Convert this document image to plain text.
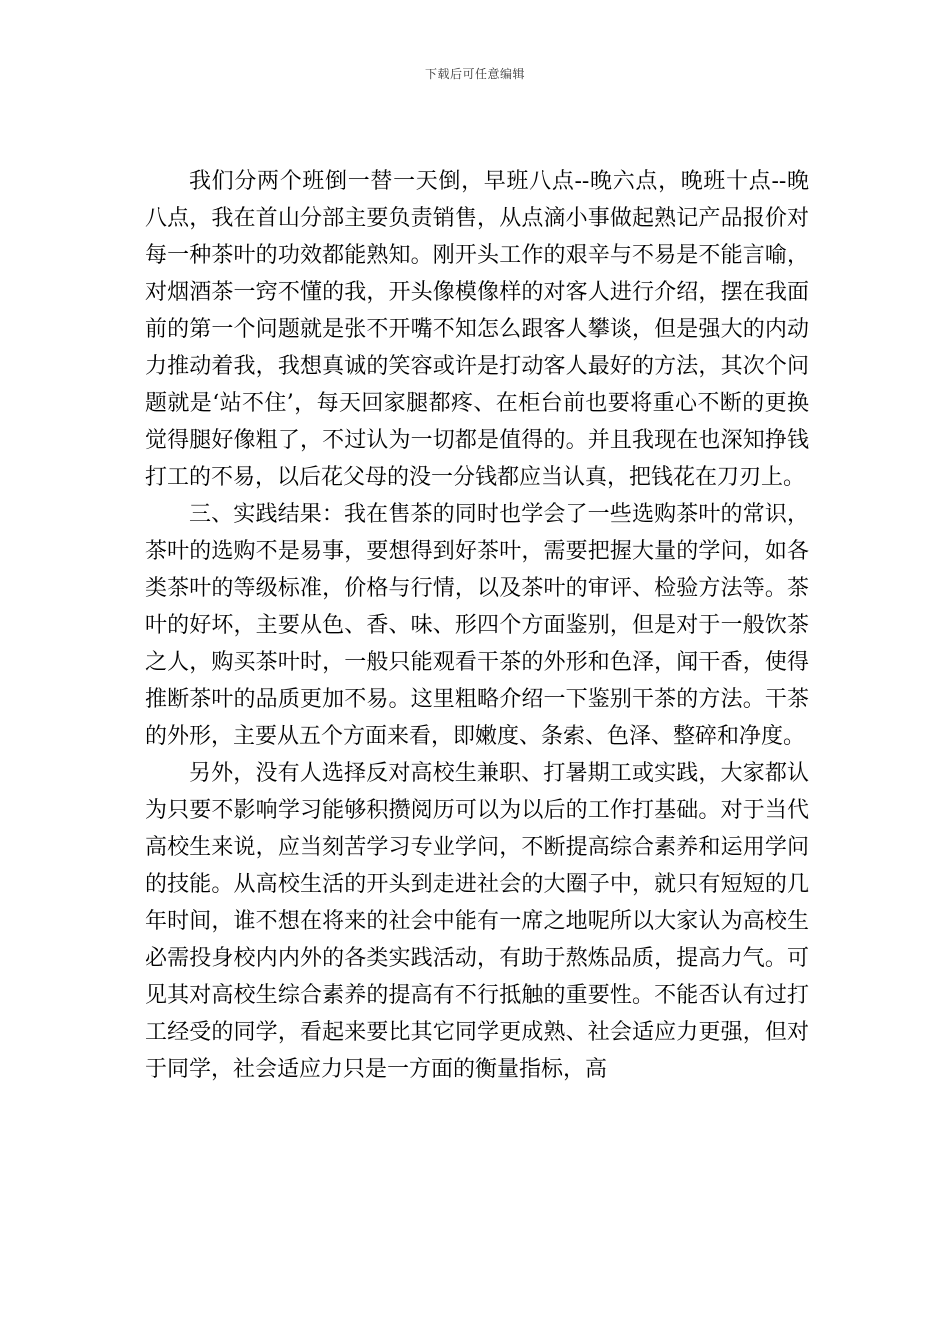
下载后可任意编辑

我们分两个班倒一替一天倒，早班八点--晚六点，晚班十点--晚八点，我在首山分部主要负责销售，从点滴小事做起熟记产品报价对每一种茶叶的功效都能熟知。刚开头工作的艰辛与不易是不能言喻，对烟酒茶一窍不懂的我，开头像模像样的对客人进行介绍，摆在我面前的第一个问题就是张不开嘴不知怎么跟客人攀谈，但是强大的内动力推动着我，我想真诚的笑容或许是打动客人最好的方法，其次个问题就是‘站不住’，每天回家腿都疼、在柜台前也要将重心不断的更换觉得腿好像粗了，不过认为一切都是值得的。并且我现在也深知挣钱打工的不易，以后花父母的没一分钱都应当认真，把钱花在刀刃上。

三、实践结果：我在售茶的同时也学会了一些选购茶叶的常识，茶叶的选购不是易事，要想得到好茶叶，需要把握大量的学问，如各类茶叶的等级标准，价格与行情，以及茶叶的审评、检验方法等。茶叶的好坏，主要从色、香、味、形四个方面鉴别，但是对于一般饮茶之人，购买茶叶时，一般只能观看干茶的外形和色泽，闻干香，使得推断茶叶的品质更加不易。这里粗略介绍一下鉴别干茶的方法。干茶的外形，主要从五个方面来看，即嫩度、条索、色泽、整碎和净度。

另外，没有人选择反对高校生兼职、打暑期工或实践，大家都认为只要不影响学习能够积攒阅历可以为以后的工作打基础。对于当代高校生来说，应当刻苦学习专业学问，不断提高综合素养和运用学问的技能。从高校生活的开头到走进社会的大圈子中，就只有短短的几年时间，谁不想在将来的社会中能有一席之地呢所以大家认为高校生必需投身校内内外的各类实践活动，有助于熬炼品质，提高力气。可见其对高校生综合素养的提高有不行抵触的重要性。不能否认有过打工经受的同学，看起来要比其它同学更成熟、社会适应力更强，但对于同学，社会适应力只是一方面的衡量指标，高
